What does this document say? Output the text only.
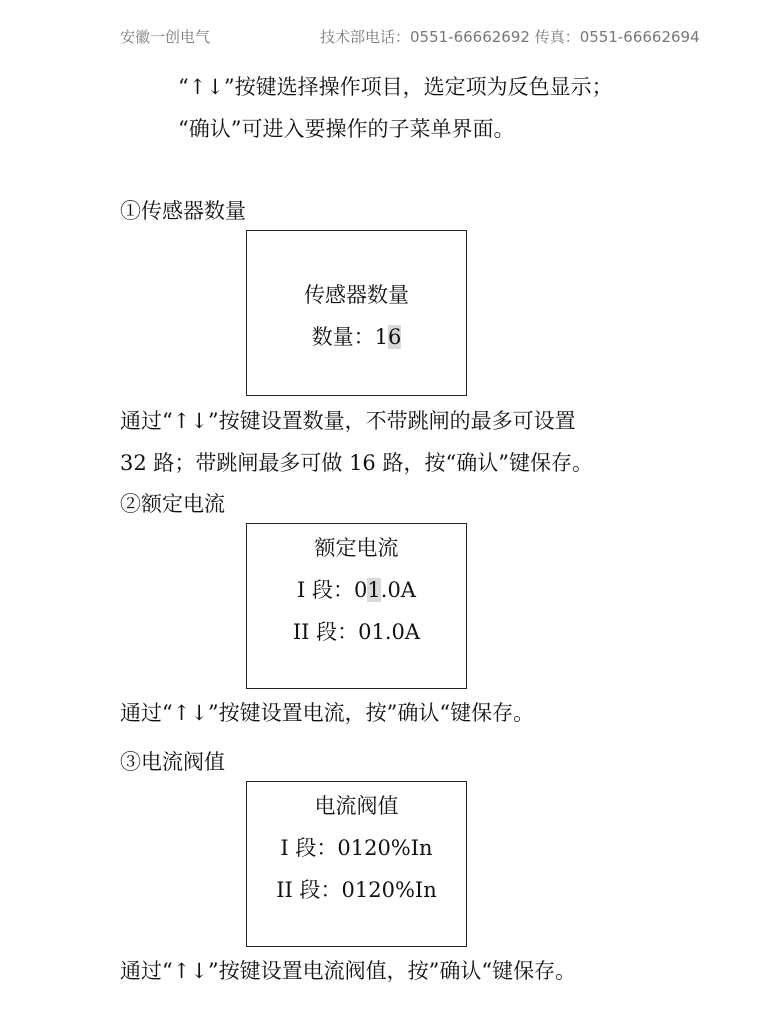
安徽一创电气	技术部电话：0551-66662692 传真：0551-66662694
“↑↓”按键选择操作项目，选定项为反色显示；
“确认”可进入要操作的子菜单界面。
①传感器数量
传感器数量
数量：16
通过“↑↓”按键设置数量，不带跳闸的最多可设置
32 路；带跳闸最多可做 16 路，按“确认”键保存。
②额定电流
额定电流
I 段：01.0A
II 段：01.0A
通过“↑↓”按键设置电流，按”确认“键保存。
③电流阀值
电流阀值
I 段：0120%In
II 段：0120%In
通过“↑↓”按键设置电流阀值，按”确认“键保存。
